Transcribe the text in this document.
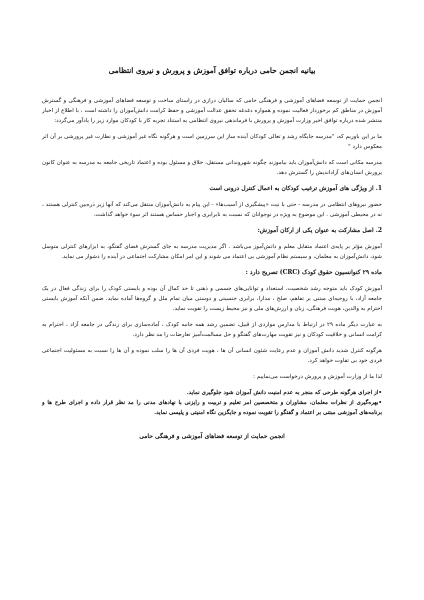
بیانیه انجمن حامی درباره توافق آموزش و پرورش و نیروی انتظامی

انجمن حمایت از توسعه فضاهای آموزشی و فرهنگی حامی که سالیان درازی در راستای ساخت و توسعه فضاهای آموزشی و فرهنگی و گسترش آموزش در مناطق کم برخوردار فعالیت نموده و همواره دغدغه تحقق عدالت آموزشی و حفظ کرامت دانش‌آموزان را داشته است ، با اطلاع از اخبار منتشر شده درباره توافق اخیر وزارت آموزش و پرورش با فرماندهی نیروی انتظامی به استناد تجربه کار با کودکان موارد زیر را یادآور می‌گردد:

ما بر این باوریم که، "مدرسه جایگاه رشد و تعالی کودکان آینده ساز این سرزمین است و هرگونه نگاه غیر آموزشی و نظارت غیر پرورشی بر آن اثر معکوس دارد "

مدرسه مکانی است که دانش‌آموزان باید بیاموزند چگونه شهروندانی مستقل، خلاق و مسئول بوده و اعتماد تاریخی جامعه به مدرسه به عنوان کانون پرورش انسان‌های آزاداندیش را گسترش دهد.

1. از ویژگی های آموزش ترغیب کودکان به اعمال کنترل درونی است

حضور نیروهای انتظامی در مدرسه - حتی با نیت «پیشگیری از آسیب‌ها» - این پیام به دانش‌آموزان منتقل می‌کند که آنها زیر ذره‌بین کنترلی هستند ، نه در محیطی آموزشی . این موضوع به ویژه در نوجوانان که نسبت به نابرابری و اجبار حساس هستند اثر سوء خواهد گذاشت.

2. اصل مشارکت به عنوان یکی از ارکان آموزش:

آموزش مؤثر بر پایه‌ی اعتماد متقابل معلم و دانش‌آموز می‌باشد . اگر مدیریت مدرسه به جای گسترش فضای گفتگو، به ابزارهای کنترلی متوسل شود، دانش‌آموزان به معلمان، و سیستم نظام آموزشی بی اعتماد می شوند و این امر امکان مشارکت اجتماعی در آینده را دشوار می نماید.

ماده ۲۹ کنوانسیون حقوق کودک (CRC) تصریح دارد :

آموزش کودک باید متوجه رشد شخصیت، استعداد و توانایی‌های جسمی و ذهنی تا حد کمال آن بوده و بایستی کودک را برای زندگی فعال در یک جامعه آزاد، با روحیه‌ای مبتنی بر تفاهم، صلح ، مدارا، برابری جنسیتی و دوستی میان تمام ملل و گروه‌ها آماده نماید. ضمن آنکه آموزش بایستی احترام به والدین، هویت فرهنگی، زبان و ارزش‌های ملی و نیز محیط زیست را تقویت نماید.

به عبارت دیگر ماده ۲۹ در ارتباط با مدارس مواردی از قبیل، تضمین رشد همه جانبه کودک ، آماده‌سازی برای زندگی در جامعه آزاد ، احترام به کرامت انسانی و خلاقیت کودکان و نیز تقویت مهارت‌های گفتگو و حل مسالمت‌آمیز تعارضات را مد نظر دارد.

هرگونه کنترل شدید دانش آموزان و عدم رعایت شئون انسانی آن ها ، هویت فردی آن ها را سلب نموده و آن ها را نسبت به مسئولیت اجتماعی فردی خود بی تفاوت خواهد کرد.

لذا ما از وزارت آموزش و پرورش درخواست می‌نماییم :

•از اجرای هرگونه طرحی که منجر به عدم امنیت دانش آموزان شود جلوگیری نماید.

•بهره‌گیری از نظرات معلمان، مشاوران و متخصصین امر تعلیم و تربیت و رایزنی با نهادهای مدنی را مد نظر قرار داده و اجرای طرح ها و برنامه‌های آموزشی مبتنی بر اعتماد و گفتگو را تقویت نموده و جایگزین نگاه امنیتی و پلیسی نماید.

انجمن حمایت از توسعه فضاهای آموزشی و فرهنگی حامی
